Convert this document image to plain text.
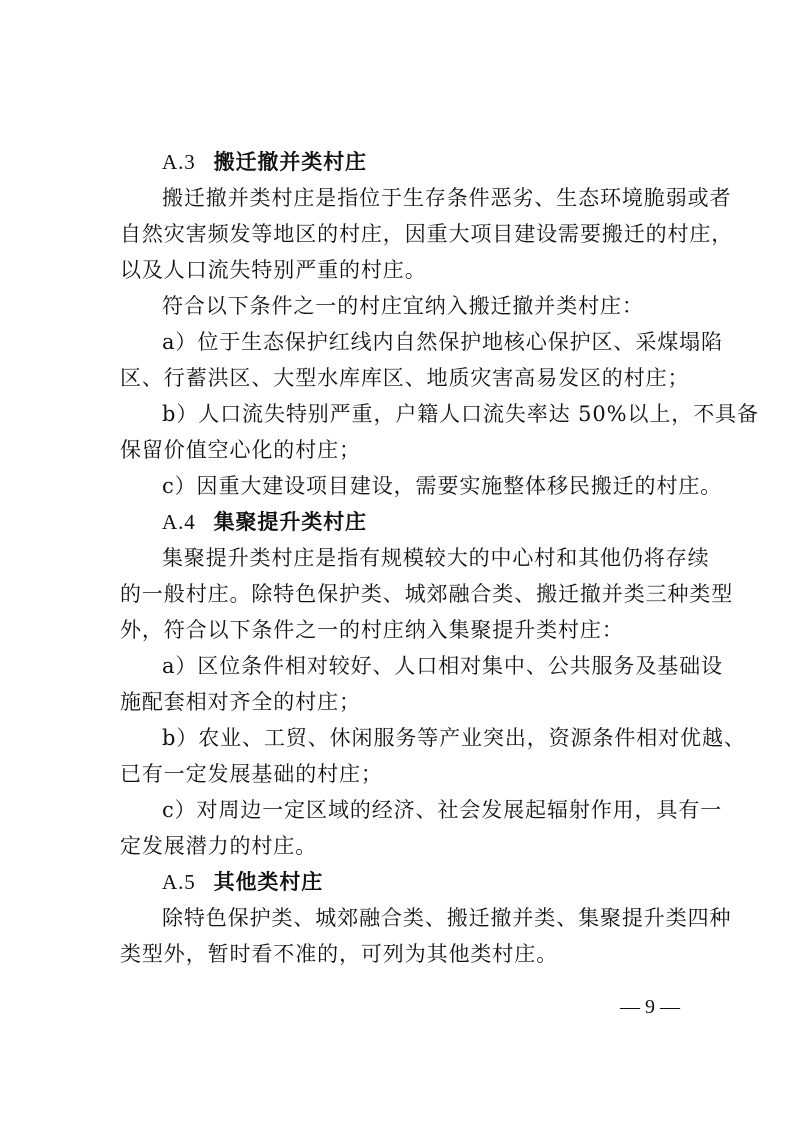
A.3 搬迁撤并类村庄
搬迁撤并类村庄是指位于生存条件恶劣、生态环境脆弱或者
自然灾害频发等地区的村庄，因重大项目建设需要搬迁的村庄，
以及人口流失特别严重的村庄。
符合以下条件之一的村庄宜纳入搬迁撤并类村庄：
a）位于生态保护红线内自然保护地核心保护区、采煤塌陷
区、行蓄洪区、大型水库库区、地质灾害高易发区的村庄；
b）人口流失特别严重，户籍人口流失率达 50%以上，不具备
保留价值空心化的村庄；
c）因重大建设项目建设，需要实施整体移民搬迁的村庄。
A.4 集聚提升类村庄
集聚提升类村庄是指有规模较大的中心村和其他仍将存续
的一般村庄。除特色保护类、城郊融合类、搬迁撤并类三种类型
外，符合以下条件之一的村庄纳入集聚提升类村庄：
a）区位条件相对较好、人口相对集中、公共服务及基础设
施配套相对齐全的村庄；
b）农业、工贸、休闲服务等产业突出，资源条件相对优越、
已有一定发展基础的村庄；
c）对周边一定区域的经济、社会发展起辐射作用，具有一
定发展潜力的村庄。
A.5 其他类村庄
除特色保护类、城郊融合类、搬迁撤并类、集聚提升类四种
类型外，暂时看不准的，可列为其他类村庄。
— 9 —
